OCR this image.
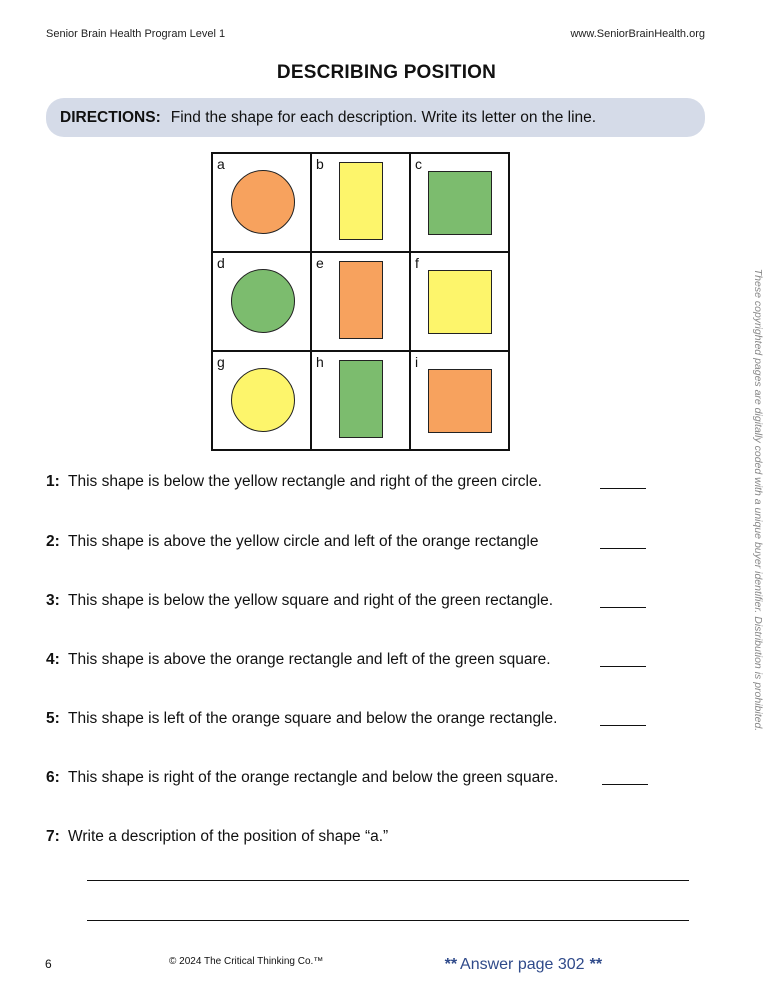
Senior Brain Health Program Level 1	www.SeniorBrainHealth.org
DESCRIBING POSITION
DIRECTIONS: Find the shape for each description. Write its letter on the line.
a	b	c
d	e	f
g	h	i
1: This shape is below the yellow rectangle and right of the green circle.
2: This shape is above the yellow circle and left of the orange rectangle
3: This shape is below the yellow square and right of the green rectangle.
4: This shape is above the orange rectangle and left of the green square.
5: This shape is left of the orange square and below the orange rectangle.
6: This shape is right of the orange rectangle and below the green square.
7: Write a description of the position of shape “a.”
These copyrighted pages are digitally coded with a unique buyer identifier. Distribution is prohibited.
6	© 2024 The Critical Thinking Co.™	** Answer page 302 **
